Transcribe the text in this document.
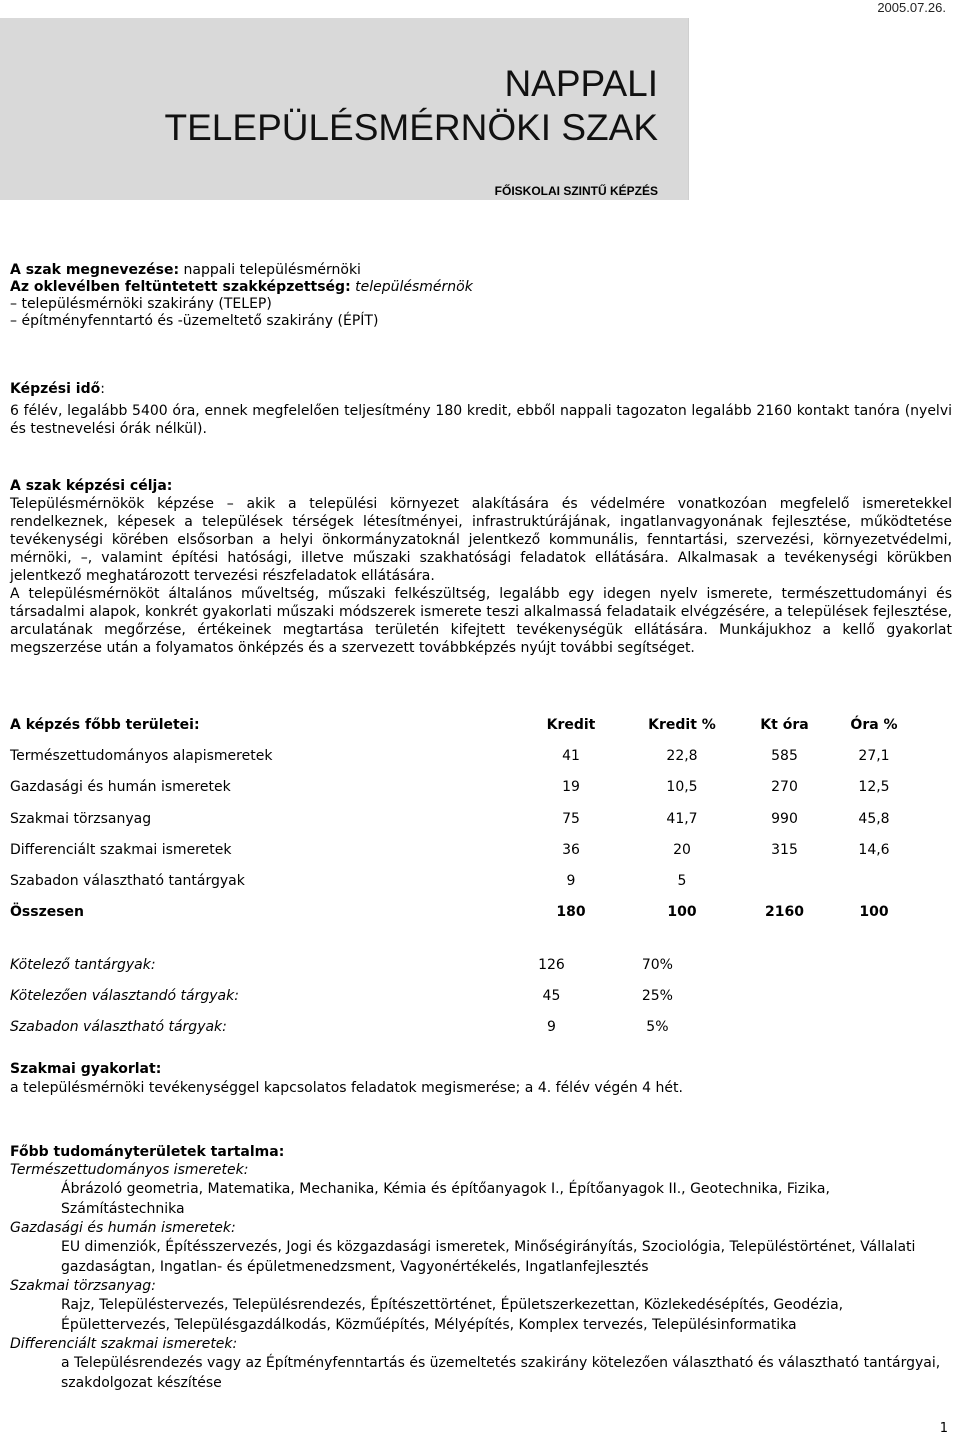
2005.07.26.
NAPPALI
TELEPÜLÉSMÉRNÖKI SZAK
FŐISKOLAI SZINTŰ KÉPZÉS
A szak megnevezése: nappali településmérnöki
Az oklevélben feltüntetett szakképzettség: településmérnök
– településmérnöki szakirány (TELEP)
– építményfenntartó és -üzemeltető szakirány (ÉPÍT)
Képzési idő:
6 félév, legalább 5400 óra, ennek megfelelően teljesítmény 180 kredit, ebből nappali tagozaton legalább 2160 kontakt tanóra (nyelvi és testnevelési órák nélkül).
A szak képzési célja:
Településmérnökök képzése – akik a települési környezet alakítására és védelmére vonatkozóan megfelelő ismeretekkel rendelkeznek, képesek a települések térségek létesítményei, infrastruktúrájának, ingatlanvagyonának fejlesztése, működtetése tevékenységi körében elsősorban a helyi önkormányzatoknál jelentkező kommunális, fenntartási, szervezési, környezetvédelmi, mérnöki, –, valamint építési hatósági, illetve műszaki szakhatósági feladatok ellátására. Alkalmasak a tevékenységi körükben jelentkező meghatározott tervezési részfeladatok ellátására.
A településmérnököt általános műveltség, műszaki felkészültség, legalább egy idegen nyelv ismerete, természettudományi és társadalmi alapok, konkrét gyakorlati műszaki módszerek ismerete teszi alkalmassá feladataik elvégzésére, a települések fejlesztése, arculatának megőrzése, értékeinek megtartása területén kifejtett tevékenységük ellátására. Munkájukhoz a kellő gyakorlat megszerzése után a folyamatos önképzés és a szervezett továbbképzés nyújt további segítséget.
A képzés főbb területei:	Kredit	Kredit %	Kt óra	Óra %
Természettudományos alapismeretek	41	22,8	585	27,1
Gazdasági és humán ismeretek	19	10,5	270	12,5
Szakmai törzsanyag	75	41,7	990	45,8
Differenciált szakmai ismeretek	36	20	315	14,6
Szabadon választható tantárgyak	9	5		
Összesen	180	100	2160	100
Kötelező tantárgyak:	126	70%
Kötelezően választandó tárgyak:	45	25%
Szabadon választható tárgyak:	9	5%
Szakmai gyakorlat:
a településmérnöki tevékenységgel kapcsolatos feladatok megismerése; a 4. félév végén 4 hét.
Főbb tudományterületek tartalma:
Természettudományos ismeretek:
Ábrázoló geometria, Matematika, Mechanika, Kémia és építőanyagok I., Építőanyagok II., Geotechnika, Fizika, Számítástechnika
Gazdasági és humán ismeretek:
EU dimenziók, Építésszervezés, Jogi és közgazdasági ismeretek, Minőségirányítás, Szociológia, Településtörténet, Vállalati gazdaságtan, Ingatlan- és épületmenedzsment, Vagyonértékelés, Ingatlanfejlesztés
Szakmai törzsanyag:
Rajz, Településtervezés, Településrendezés, Építészettörténet, Épületszerkezettan, Közlekedésépítés, Geodézia, Épülettervezés, Településgazdálkodás, Közműépítés, Mélyépítés, Komplex tervezés, Településinformatika
Differenciált szakmai ismeretek:
a Településrendezés vagy az Építményfenntartás és üzemeltetés szakirány kötelezően választható és választható tantárgyai, szakdolgozat készítése
1
